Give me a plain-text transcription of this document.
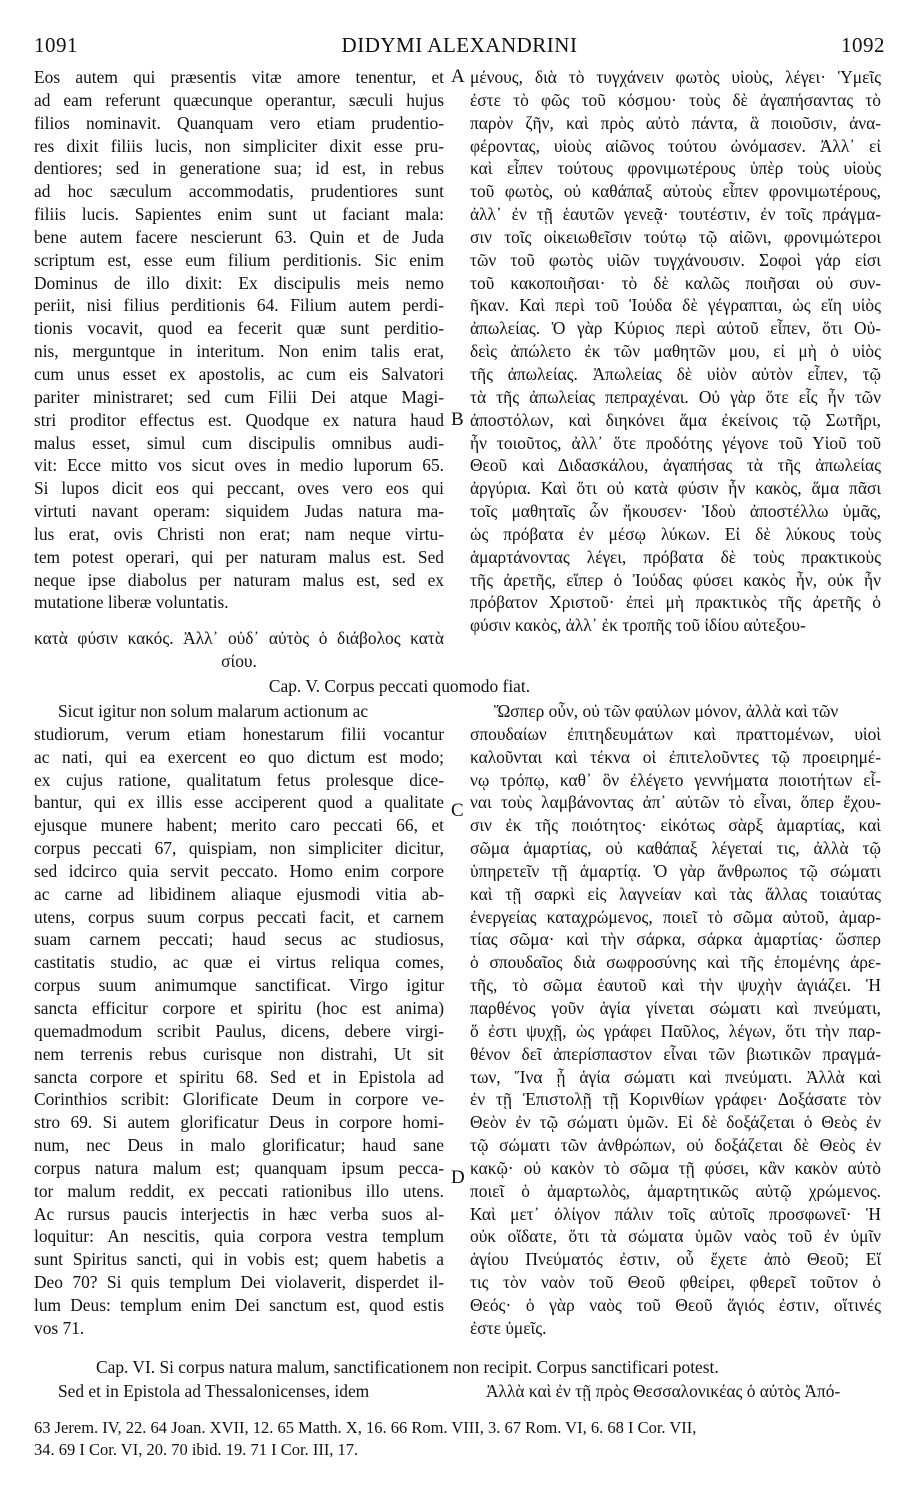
1091	DIDYMI ALEXANDRINI	1092
Eos autem qui præsentis vitæ amore tenentur, et
ad eam referunt quæcunque operantur, sæculi hujus
filios nominavit. Quanquam vero etiam prudentio-
res dixit filiis lucis, non simpliciter dixit esse pru-
dentiores; sed in generatione sua; id est, in rebus
ad hoc sæculum accommodatis, prudentiores sunt
filiis lucis. Sapientes enim sunt ut faciant mala:
bene autem facere nescierunt 63. Quin et de Juda
scriptum est, esse eum filium perditionis. Sic enim
Dominus de illo dixit: Ex discipulis meis nemo
periit, nisi filius perditionis 64. Filium autem perdi-
tionis vocavit, quod ea fecerit quæ sunt perditio-
nis, merguntque in interitum. Non enim talis erat,
cum unus esset ex apostolis, ac cum eis Salvatori
pariter ministraret; sed cum Filii Dei atque Magi-
stri proditor effectus est. Quodque ex natura haud
malus esset, simul cum discipulis omnibus audi-
vit: Ecce mitto vos sicut oves in medio luporum 65.
Si lupos dicit eos qui peccant, oves vero eos qui
virtuti navant operam: siquidem Judas natura ma-
lus erat, ovis Christi non erat; nam neque virtu-
tem potest operari, qui per naturam malus est. Sed
neque ipse diabolus per naturam malus est, sed ex
mutatione liberæ voluntatis.
μένους, διὰ τὸ τυγχάνειν φωτὸς υἱοὺς, λέγει· Ὑμεῖς
ἐστε τὸ φῶς τοῦ κόσμου· τοὺς δὲ ἀγαπήσαντας τὸ
παρὸν ζῆν, καὶ πρὸς αὐτὸ πάντα, ἃ ποιοῦσιν, ἀνα-
φέροντας, υἱοὺς αἰῶνος τούτου ὠνόμασεν. Ἀλλ᾽ εἰ
καὶ εἶπεν τούτους φρονιμωτέρους ὑπὲρ τοὺς υἱοὺς
τοῦ φωτὸς, οὐ καθάπαξ αὐτοὺς εἶπεν φρονιμωτέρους,
ἀλλ᾽ ἐν τῇ ἑαυτῶν γενεᾷ· τουτέστιν, ἐν τοῖς πράγμα-
σιν τοῖς οἰκειωθεῖσιν τούτῳ τῷ αἰῶνι, φρονιμώτεροι
τῶν τοῦ φωτὸς υἱῶν τυγχάνουσιν. Σοφοὶ γάρ εἰσι
τοῦ κακοποιῆσαι· τὸ δὲ καλῶς ποιῆσαι οὐ συν-
ῆκαν. Καὶ περὶ τοῦ Ἰούδα δὲ γέγραπται, ὡς εἴη υἱὸς
ἀπωλείας. Ὁ γὰρ Κύριος περὶ αὐτοῦ εἶπεν, ὅτι Οὐ-
δεὶς ἀπώλετο ἐκ τῶν μαθητῶν μου, εἰ μὴ ὁ υἱὸς
τῆς ἀπωλείας. Ἀπωλείας δὲ υἱὸν αὐτὸν εἶπεν, τῷ
τὰ τῆς ἀπωλείας πεπραχέναι. Οὐ γὰρ ὅτε εἷς ἦν τῶν
ἀποστόλων, καὶ διηκόνει ἅμα ἐκείνοις τῷ Σωτῆρι,
ἦν τοιοῦτος, ἀλλ᾽ ὅτε προδότης γέγονε τοῦ Υἱοῦ τοῦ
Θεοῦ καὶ Διδασκάλου, ἀγαπήσας τὰ τῆς ἀπωλείας
ἀργύρια. Καὶ ὅτι οὐ κατὰ φύσιν ἦν κακὸς, ἅμα πᾶσι
τοῖς μαθηταῖς ὧν ἤκουσεν· Ἰδοὺ ἀποστέλλω ὑμᾶς,
ὡς πρόβατα ἐν μέσῳ λύκων. Εἰ δὲ λύκους τοὺς
ἁμαρτάνοντας λέγει, πρόβατα δὲ τοὺς πρακτικοὺς
τῆς ἀρετῆς, εἴπερ ὁ Ἰούδας φύσει κακὸς ἦν, οὐκ ἦν
πρόβατον Χριστοῦ· ἐπεὶ μὴ πρακτικὸς τῆς ἀρετῆς ὁ
φύσιν κακὸς, ἀλλ᾽ ἐκ τροπῆς τοῦ ἰδίου αὐτεξου-
κατὰ φύσιν κακός. Ἀλλ᾽ οὐδ᾽ αὐτὸς ὁ διάβολος κατὰ
σίου.
A
B
C
D
Cap. V. Corpus peccati quomodo fiat.
Sicut igitur non solum malarum actionum ac
studiorum, verum etiam honestarum filii vocantur
ac nati, qui ea exercent eo quo dictum est modo;
ex cujus ratione, qualitatum fetus prolesque dice-
bantur, qui ex illis esse acciperent quod a qualitate
ejusque munere habent; merito caro peccati 66, et
corpus peccati 67, quispiam, non simpliciter dicitur,
sed idcirco quia servit peccato. Homo enim corpore
ac carne ad libidinem aliaque ejusmodi vitia ab-
utens, corpus suum corpus peccati facit, et carnem
suam carnem peccati; haud secus ac studiosus,
castitatis studio, ac quæ ei virtus reliqua comes,
corpus suum animumque sanctificat. Virgo igitur
sancta efficitur corpore et spiritu (hoc est anima)
quemadmodum scribit Paulus, dicens, debere virgi-
nem terrenis rebus curisque non distrahi, Ut sit
sancta corpore et spiritu 68. Sed et in Epistola ad
Corinthios scribit: Glorificate Deum in corpore ve-
stro 69. Si autem glorificatur Deus in corpore homi-
num, nec Deus in malo glorificatur; haud sane
corpus natura malum est; quanquam ipsum pecca-
tor malum reddit, ex peccati rationibus illo utens.
Ac rursus paucis interjectis in hæc verba suos al-
loquitur: An nescitis, quia corpora vestra templum
sunt Spiritus sancti, qui in vobis est; quem habetis a
Deo 70? Si quis templum Dei violaverit, disperdet il-
lum Deus: templum enim Dei sanctum est, quod estis
vos 71.
Ὥσπερ οὖν, οὐ τῶν φαύλων μόνον, ἀλλὰ καὶ τῶν
σπουδαίων ἐπιτηδευμάτων καὶ πραττομένων, υἱοὶ
καλοῦνται καὶ τέκνα οἱ ἐπιτελοῦντες τῷ προειρημέ-
νῳ τρόπῳ, καθ᾽ ὃν ἐλέγετο γεννήματα ποιοτήτων εἶ-
ναι τοὺς λαμβάνοντας ἀπ᾽ αὐτῶν τὸ εἶναι, ὅπερ ἔχου-
σιν ἐκ τῆς ποιότητος· εἰκότως σὰρξ ἁμαρτίας, καὶ
σῶμα ἁμαρτίας, οὐ καθάπαξ λέγεταί τις, ἀλλὰ τῷ
ὑπηρετεῖν τῇ ἁμαρτίᾳ. Ὁ γὰρ ἄνθρωπος τῷ σώματι
καὶ τῇ σαρκὶ εἰς λαγνείαν καὶ τὰς ἄλλας τοιαύτας
ἐνεργείας καταχρώμενος, ποιεῖ τὸ σῶμα αὐτοῦ, ἁμαρ-
τίας σῶμα· καὶ τὴν σάρκα, σάρκα ἁμαρτίας· ὥσπερ
ὁ σπουδαῖος διὰ σωφροσύνης καὶ τῆς ἑπομένης ἀρε-
τῆς, τὸ σῶμα ἑαυτοῦ καὶ τὴν ψυχὴν ἁγιάζει. Ἡ
παρθένος γοῦν ἁγία γίνεται σώματι καὶ πνεύματι,
ὅ ἐστι ψυχῇ, ὡς γράφει Παῦλος, λέγων, ὅτι τὴν παρ-
θένον δεῖ ἀπερίσπαστον εἶναι τῶν βιωτικῶν πραγμά-
των, Ἵνα ᾖ ἁγία σώματι καὶ πνεύματι. Ἀλλὰ καὶ
ἐν τῇ Ἐπιστολῇ τῇ Κορινθίων γράφει· Δοξάσατε τὸν
Θεὸν ἐν τῷ σώματι ὑμῶν. Εἰ δὲ δοξάζεται ὁ Θεὸς ἐν
τῷ σώματι τῶν ἀνθρώπων, οὐ δοξάζεται δὲ Θεὸς ἐν
κακῷ· οὐ κακὸν τὸ σῶμα τῇ φύσει, κἂν κακὸν αὐτὸ
ποιεῖ ὁ ἁμαρτωλὸς, ἁμαρτητικῶς αὐτῷ χρώμενος.
Καὶ μετ᾽ ὀλίγον πάλιν τοῖς αὐτοῖς προσφωνεῖ· Ἡ
οὐκ οἴδατε, ὅτι τὰ σώματα ὑμῶν ναὸς τοῦ ἐν ὑμῖν
ἁγίου Πνεύματός ἐστιν, οὗ ἔχετε ἀπὸ Θεοῦ; Εἴ
τις τὸν ναὸν τοῦ Θεοῦ φθείρει, φθερεῖ τοῦτον ὁ
Θεός· ὁ γὰρ ναὸς τοῦ Θεοῦ ἅγιός ἐστιν, οἵτινές
ἐστε ὑμεῖς.
Cap. VI. Si corpus natura malum, sanctificationem non recipit. Corpus sanctificari potest.
Sed et in Epistola ad Thessalonicenses, idem	Ἀλλὰ καὶ ἐν τῇ πρὸς Θεσσαλονικέας ὁ αὐτὸς Ἀπό-
63 Jerem. IV, 22. 64 Joan. XVII, 12. 65 Matth. X, 16. 66 Rom. VIII, 3. 67 Rom. VI, 6. 68 I Cor. VII,
34. 69 I Cor. VI, 20. 70 ibid. 19. 71 I Cor. III, 17.
